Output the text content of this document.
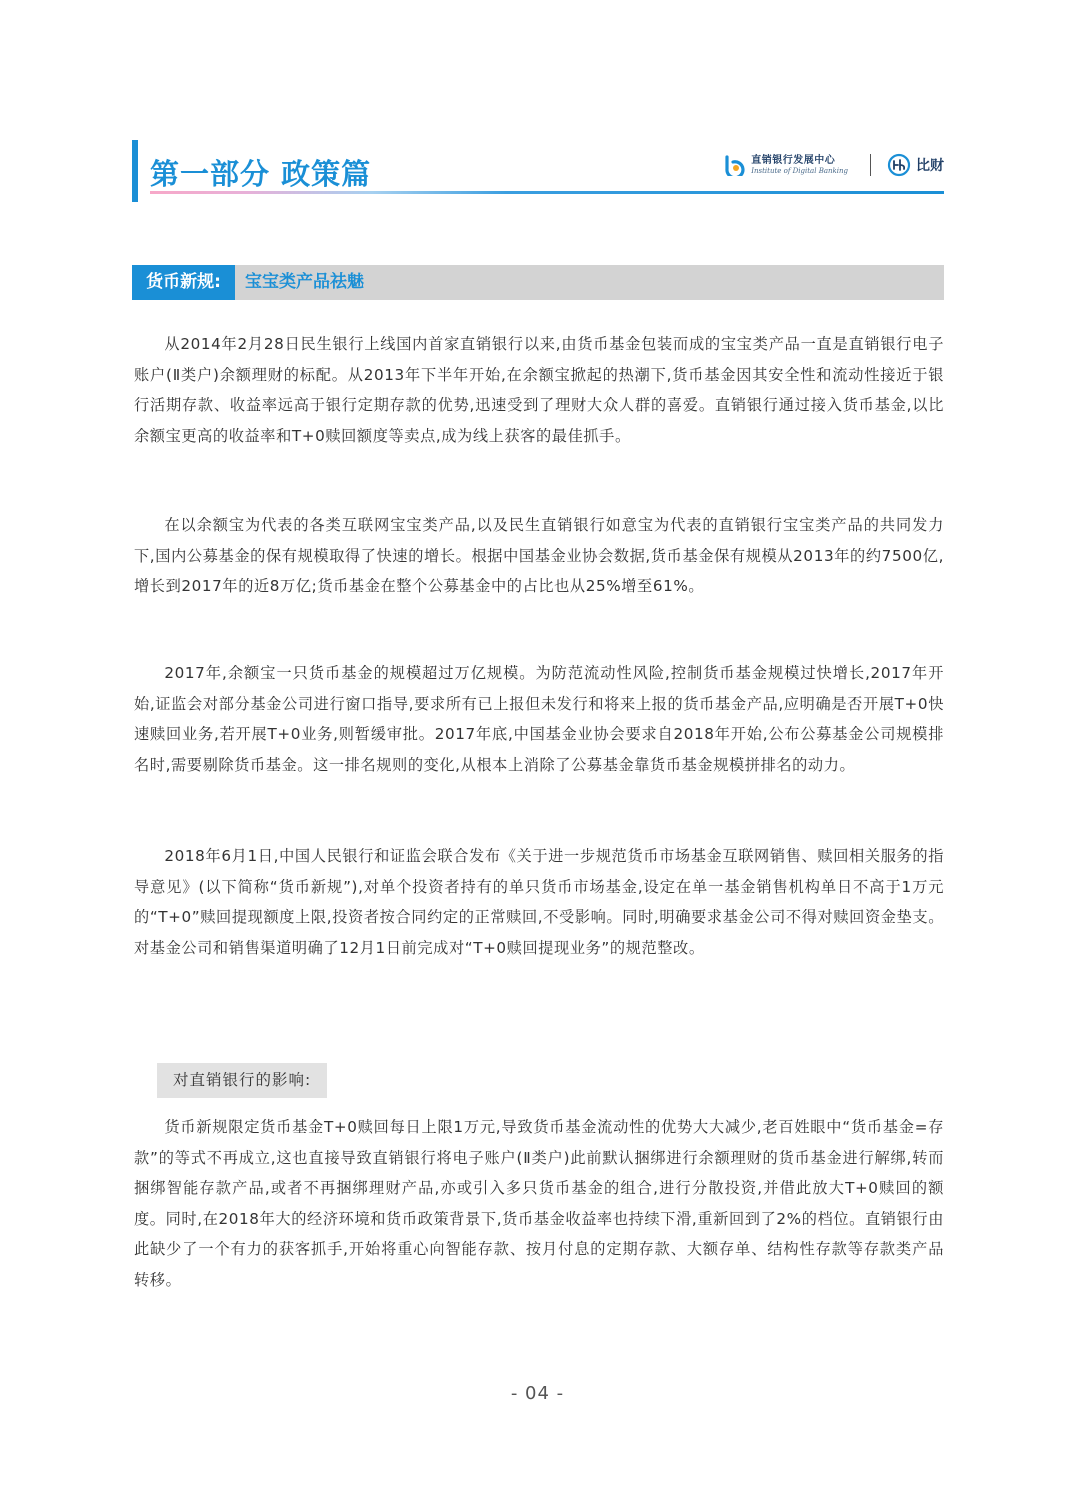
第一部分 政策篇	直销银行发展中心
Institute of Digital Banking	比财
货币新规:	宝宝类产品祛魅

从2014年2月28日民生银行上线国内首家直销银行以来,由货币基金包装而成的宝宝类产品一直是直销银行电子账户(Ⅱ类户)余额理财的标配。从2013年下半年开始,在余额宝掀起的热潮下,货币基金因其安全性和流动性接近于银行活期存款、收益率远高于银行定期存款的优势,迅速受到了理财大众人群的喜爱。直销银行通过接入货币基金,以比余额宝更高的收益率和T+0赎回额度等卖点,成为线上获客的最佳抓手。

在以余额宝为代表的各类互联网宝宝类产品,以及民生直销银行如意宝为代表的直销银行宝宝类产品的共同发力下,国内公募基金的保有规模取得了快速的增长。根据中国基金业协会数据,货币基金保有规模从2013年的约7500亿,增长到2017年的近8万亿;货币基金在整个公募基金中的占比也从25%增至61%。

2017年,余额宝一只货币基金的规模超过万亿规模。为防范流动性风险,控制货币基金规模过快增长,2017年开始,证监会对部分基金公司进行窗口指导,要求所有已上报但未发行和将来上报的货币基金产品,应明确是否开展T+0快速赎回业务,若开展T+0业务,则暂缓审批。2017年底,中国基金业协会要求自2018年开始,公布公募基金公司规模排名时,需要剔除货币基金。这一排名规则的变化,从根本上消除了公募基金靠货币基金规模拼排名的动力。

2018年6月1日,中国人民银行和证监会联合发布《关于进一步规范货币市场基金互联网销售、赎回相关服务的指导意见》(以下简称“货币新规”),对单个投资者持有的单只货币市场基金,设定在单一基金销售机构单日不高于1万元的“T+0”赎回提现额度上限,投资者按合同约定的正常赎回,不受影响。同时,明确要求基金公司不得对赎回资金垫支。对基金公司和销售渠道明确了12月1日前完成对“T+0赎回提现业务”的规范整改。

对直销银行的影响:

货币新规限定货币基金T+0赎回每日上限1万元,导致货币基金流动性的优势大大减少,老百姓眼中“货币基金=存款”的等式不再成立,这也直接导致直销银行将电子账户(Ⅱ类户)此前默认捆绑进行余额理财的货币基金进行解绑,转而捆绑智能存款产品,或者不再捆绑理财产品,亦或引入多只货币基金的组合,进行分散投资,并借此放大T+0赎回的额度。同时,在2018年大的经济环境和货币政策背景下,货币基金收益率也持续下滑,重新回到了2%的档位。直销银行由此缺少了一个有力的获客抓手,开始将重心向智能存款、按月付息的定期存款、大额存单、结构性存款等存款类产品转移。

- 04 -
